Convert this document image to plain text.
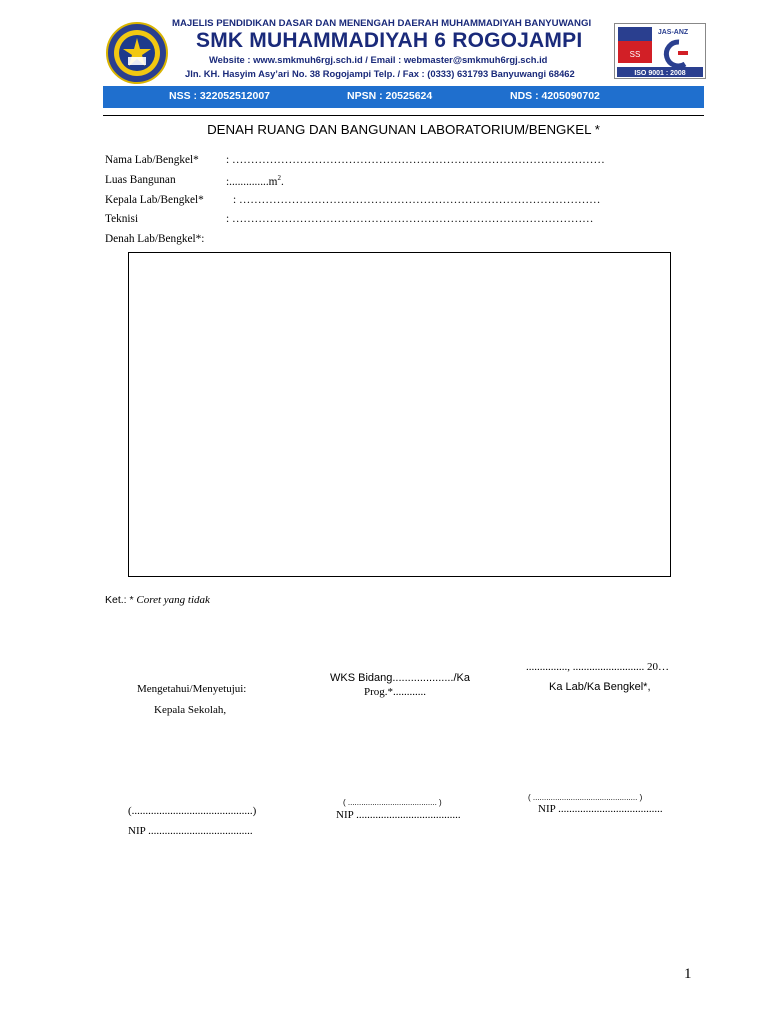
MAJELIS PENDIDIKAN DASAR DAN MENENGAH DAERAH MUHAMMADIYAH BANYUWANGI
SMK MUHAMMADIYAH 6 ROGOJAMPI
Website : www.smkmuh6rgj.sch.id / Email : webmaster@smkmuh6rgj.sch.id
Jln. KH. Hasyim Asy’ari No. 38 Rogojampi Telp. / Fax : (0333) 631793 Banyuwangi 68462
SS
JAS-ANZ
ISO 9001 : 2008
NSS : 322052512007	NPSN : 20525624	NDS : 4205090702
DENAH RUANG DAN BANGUNAN LABORATORIUM/BENGKEL *
Nama Lab/Bengkel* : ………………………………………………………………………………………
Luas Bangunan	$:..............m^2$.
Kepala Lab/Bengkel*	: ……………………………………………………………………………………
Teknisi	: ……………………………………………………………………………………
Denah Lab/Bengkel*:
Ket.: * Coret yang tidak
Mengetahui/Menyetujui:
Kepala Sekolah,
(............................................)
NIP ......................................
WKS Bidang..................../Ka
Prog.*............
( ........................................ )
NIP ......................................
..............., .......................... 20…
Ka Lab/Ka Bengkel*,
( ............................................... )
NIP ......................................
1
